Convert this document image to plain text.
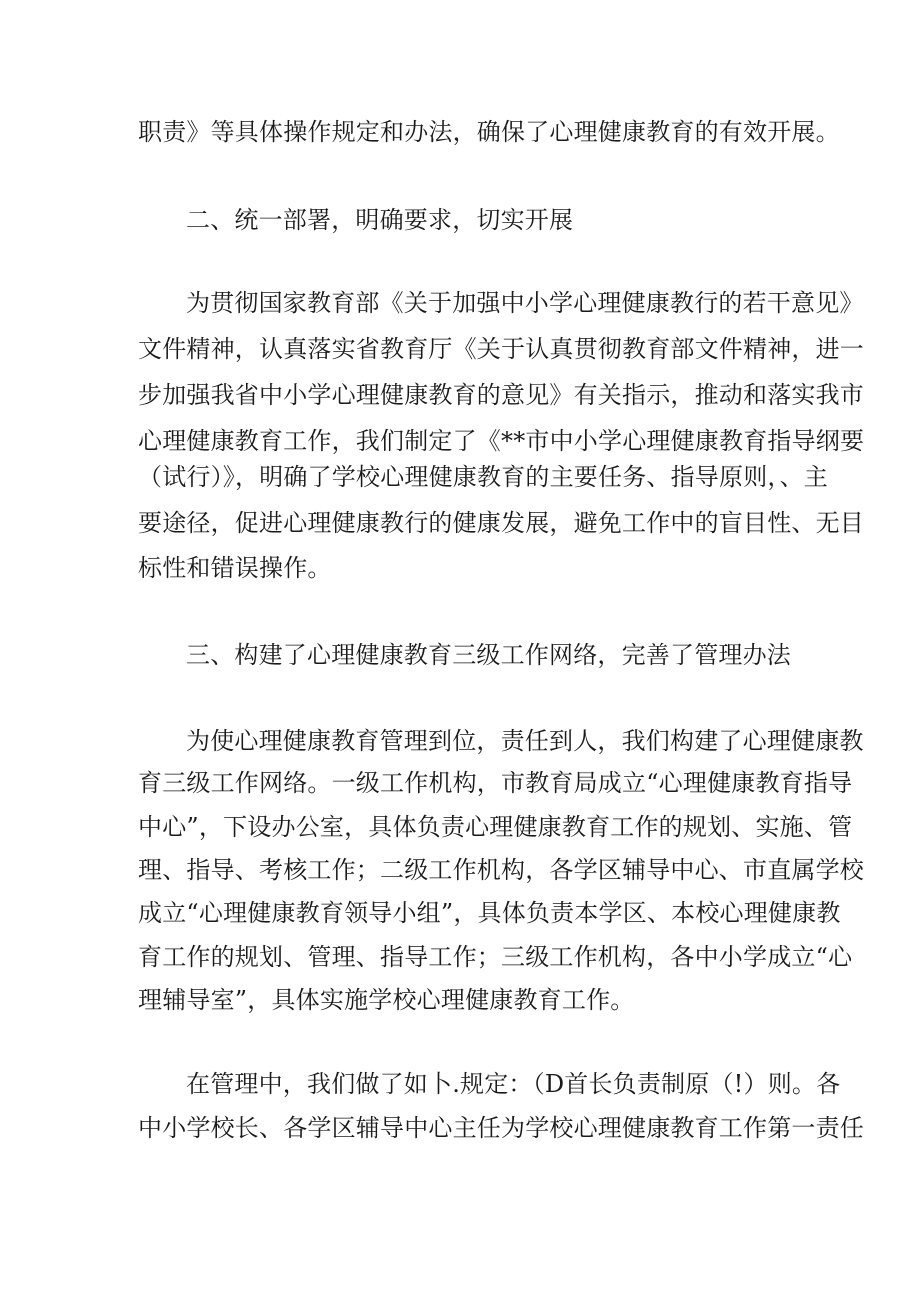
职责》等具体操作规定和办法，确保了心理健康教育的有效开展。
二、统一部署，明确要求，切实开展
为贯彻国家教育部《关于加强中小学心理健康教行的若干意见》
文件精神，认真落实省教育厅《关于认真贯彻教育部文件精神，进一
步加强我省中小学心理健康教育的意见》有关指示，推动和落实我市
心理健康教育工作，我们制定了《**市中小学心理健康教育指导纲要
（试行）》，明确了学校心理健康教育的主要任务、指导原则，、主
要途径，促进心理健康教行的健康发展，避免工作中的盲目性、无目
标性和错误操作。
三、构建了心理健康教育三级工作网络，完善了管理办法
为使心理健康教育管理到位，责任到人，我们构建了心理健康教
育三级工作网络。一级工作机构，市教育局成立“心理健康教育指导
中心”，下设办公室，具体负责心理健康教育工作的规划、实施、管
理、指导、考核工作；二级工作机构，各学区辅导中心、市直属学校
成立“心理健康教育领导小组”，具体负责本学区、本校心理健康教
育工作的规划、管理、指导工作；三级工作机构，各中小学成立“心
理辅导室”，具体实施学校心理健康教育工作。
在管理中，我们做了如卜.规定：（D首长负责制原（!）则。各
中小学校长、各学区辅导中心主任为学校心理健康教育工作第一责任
